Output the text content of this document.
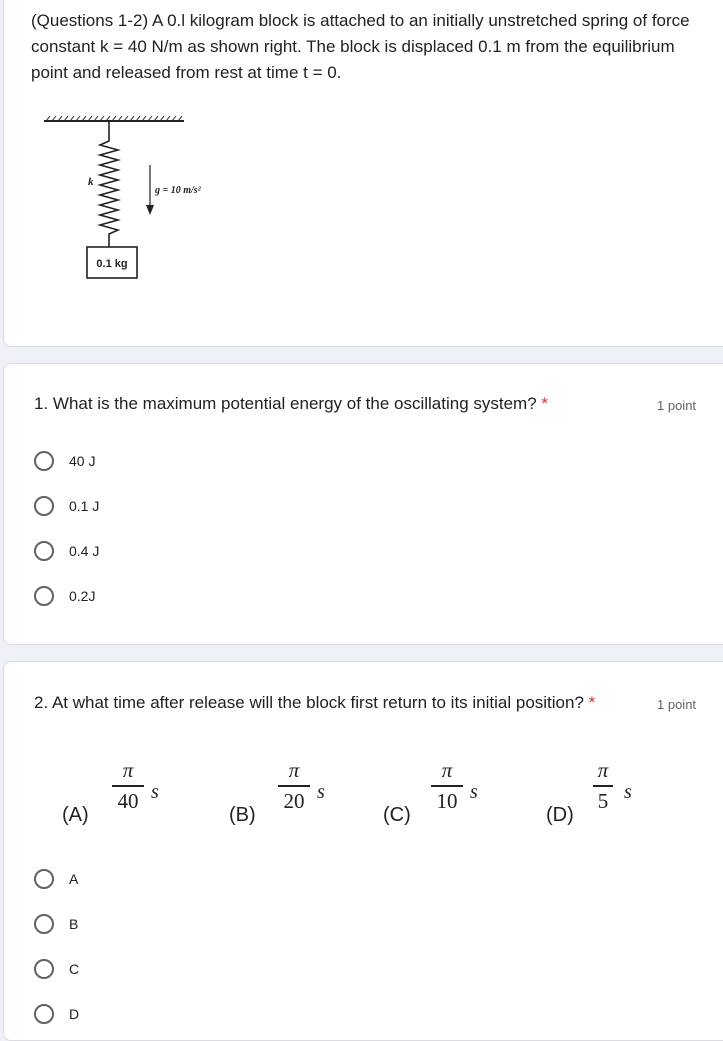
(Questions 1-2) A 0.l kilogram block is attached to an initially unstretched spring of force constant k = 40 N/m as shown right. The block is displaced 0.1 m from the equilibrium point and released from rest at time t = 0.

k
0.1 kg
g = 10 m/s²

1. What is the maximum potential energy of the oscillating system? *	1 point
40 J
0.1 J
0.4 J
0.2J

2. At what time after release will the block first return to its initial position? *	1 point
(A)
π
40 s
(B)
π
20 s
(C)
π
10 s
(D)
π
5 s
A
B
C
D
